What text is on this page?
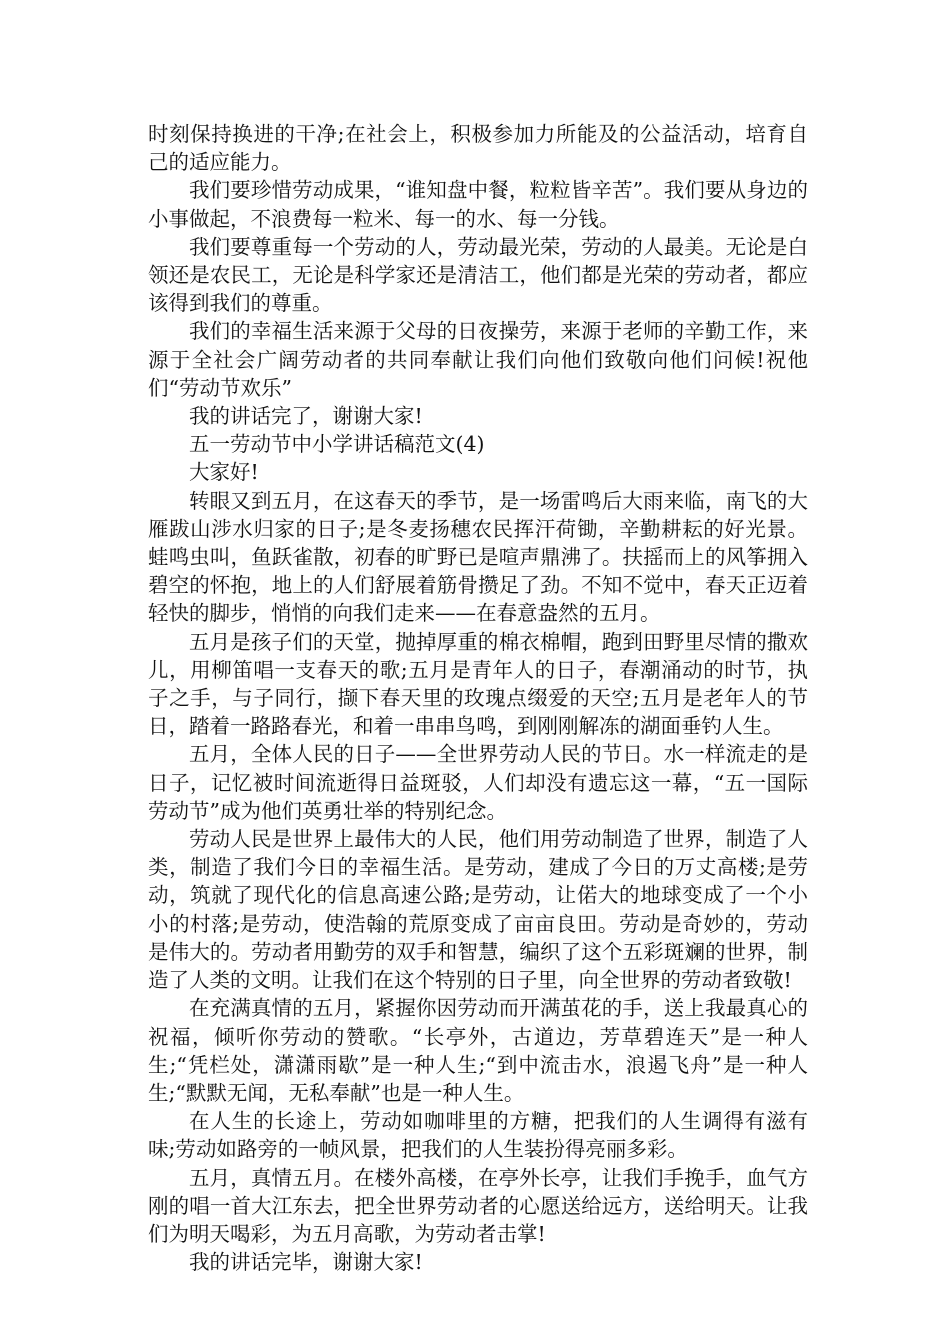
时刻保持换进的干净;在社会上，积极参加力所能及的公益活动，培育自己的适应能力。

我们要珍惜劳动成果，“谁知盘中餐，粒粒皆辛苦”。我们要从身边的小事做起，不浪费每一粒米、每一的水、每一分钱。

我们要尊重每一个劳动的人，劳动最光荣，劳动的人最美。无论是白领还是农民工，无论是科学家还是清洁工，他们都是光荣的劳动者，都应该得到我们的尊重。

我们的幸福生活来源于父母的日夜操劳，来源于老师的辛勤工作，来源于全社会广阔劳动者的共同奉献让我们向他们致敬向他们问候!祝他们“劳动节欢乐”

我的讲话完了，谢谢大家!

五一劳动节中小学讲话稿范文(4)

大家好!

转眼又到五月，在这春天的季节，是一场雷鸣后大雨来临，南飞的大雁跋山涉水归家的日子;是冬麦扬穗农民挥汗荷锄，辛勤耕耘的好光景。蛙鸣虫叫，鱼跃雀散，初春的旷野已是喧声鼎沸了。扶摇而上的风筝拥入碧空的怀抱，地上的人们舒展着筋骨攒足了劲。不知不觉中，春天正迈着轻快的脚步，悄悄的向我们走来——在春意盎然的五月。

五月是孩子们的天堂，抛掉厚重的棉衣棉帽，跑到田野里尽情的撒欢儿，用柳笛唱一支春天的歌;五月是青年人的日子，春潮涌动的时节，执子之手，与子同行，撷下春天里的玫瑰点缀爱的天空;五月是老年人的节日，踏着一路路春光，和着一串串鸟鸣，到刚刚解冻的湖面垂钓人生。

五月，全体人民的日子——全世界劳动人民的节日。水一样流走的是日子，记忆被时间流逝得日益斑驳，人们却没有遗忘这一幕，“五一国际劳动节”成为他们英勇壮举的特别纪念。

劳动人民是世界上最伟大的人民，他们用劳动制造了世界，制造了人类，制造了我们今日的幸福生活。是劳动，建成了今日的万丈高楼;是劳动，筑就了现代化的信息高速公路;是劳动，让偌大的地球变成了一个小小的村落;是劳动，使浩翰的荒原变成了亩亩良田。劳动是奇妙的，劳动是伟大的。劳动者用勤劳的双手和智慧，编织了这个五彩斑斓的世界，制造了人类的文明。让我们在这个特别的日子里，向全世界的劳动者致敬!

在充满真情的五月，紧握你因劳动而开满茧花的手，送上我最真心的祝福，倾听你劳动的赞歌。“长亭外，古道边，芳草碧连天”是一种人生;“凭栏处，潇潇雨歇”是一种人生;“到中流击水，浪遏飞舟”是一种人生;“默默无闻，无私奉献”也是一种人生。

在人生的长途上，劳动如咖啡里的方糖，把我们的人生调得有滋有味;劳动如路旁的一帧风景，把我们的人生装扮得亮丽多彩。

五月，真情五月。在楼外高楼，在亭外长亭，让我们手挽手，血气方刚的唱一首大江东去，把全世界劳动者的心愿送给远方，送给明天。让我们为明天喝彩，为五月高歌，为劳动者击掌!

我的讲话完毕，谢谢大家!
